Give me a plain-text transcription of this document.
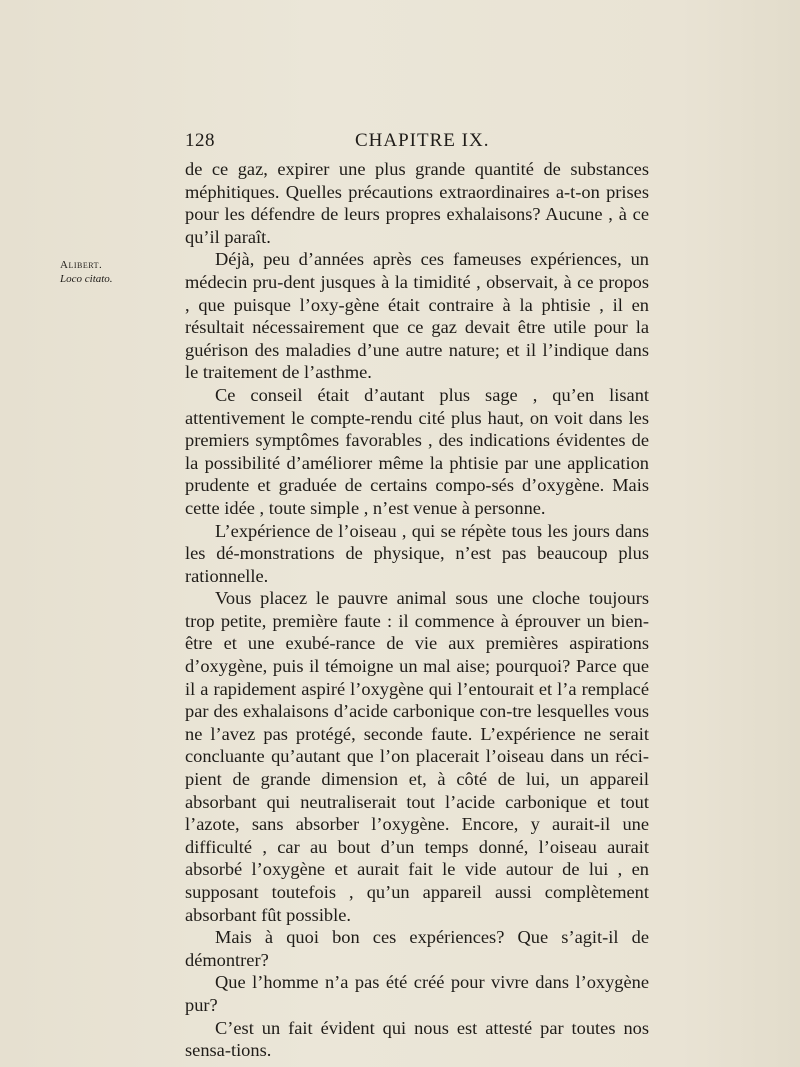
128	CHAPITRE IX.
Alibert.
Loco citato.

de ce gaz, expirer une plus grande quantité de substances méphitiques. Quelles précautions extraordinaires a-t-on prises pour les défendre de leurs propres exhalaisons? Aucune , à ce qu’il paraît.

Déjà, peu d’années après ces fameuses expériences, un médecin pru-dent jusques à la timidité , observait, à ce propos , que puisque l’oxy-gène était contraire à la phtisie , il en résultait nécessairement que ce gaz devait être utile pour la guérison des maladies d’une autre nature; et il l’indique dans le traitement de l’asthme.

Ce conseil était d’autant plus sage , qu’en lisant attentivement le compte-rendu cité plus haut, on voit dans les premiers symptômes favorables , des indications évidentes de la possibilité d’améliorer même la phtisie par une application prudente et graduée de certains compo-sés d’oxygène. Mais cette idée , toute simple , n’est venue à personne.

L’expérience de l’oiseau , qui se répète tous les jours dans les dé-monstrations de physique, n’est pas beaucoup plus rationnelle.

Vous placez le pauvre animal sous une cloche toujours trop petite, première faute : il commence à éprouver un bien-être et une exubé-rance de vie aux premières aspirations d’oxygène, puis il témoigne un mal aise; pourquoi? Parce que il a rapidement aspiré l’oxygène qui l’entourait et l’a remplacé par des exhalaisons d’acide carbonique con-tre lesquelles vous ne l’avez pas protégé, seconde faute. L’expérience ne serait concluante qu’autant que l’on placerait l’oiseau dans un réci-pient de grande dimension et, à côté de lui, un appareil absorbant qui neutraliserait tout l’acide carbonique et tout l’azote, sans absorber l’oxygène. Encore, y aurait-il une difficulté , car au bout d’un temps donné, l’oiseau aurait absorbé l’oxygène et aurait fait le vide autour de lui , en supposant toutefois , qu’un appareil aussi complètement absorbant fût possible.

Mais à quoi bon ces expériences? Que s’agit-il de démontrer?

Que l’homme n’a pas été créé pour vivre dans l’oxygène pur?

C’est un fait évident qui nous est attesté par toutes nos sensa-tions.
